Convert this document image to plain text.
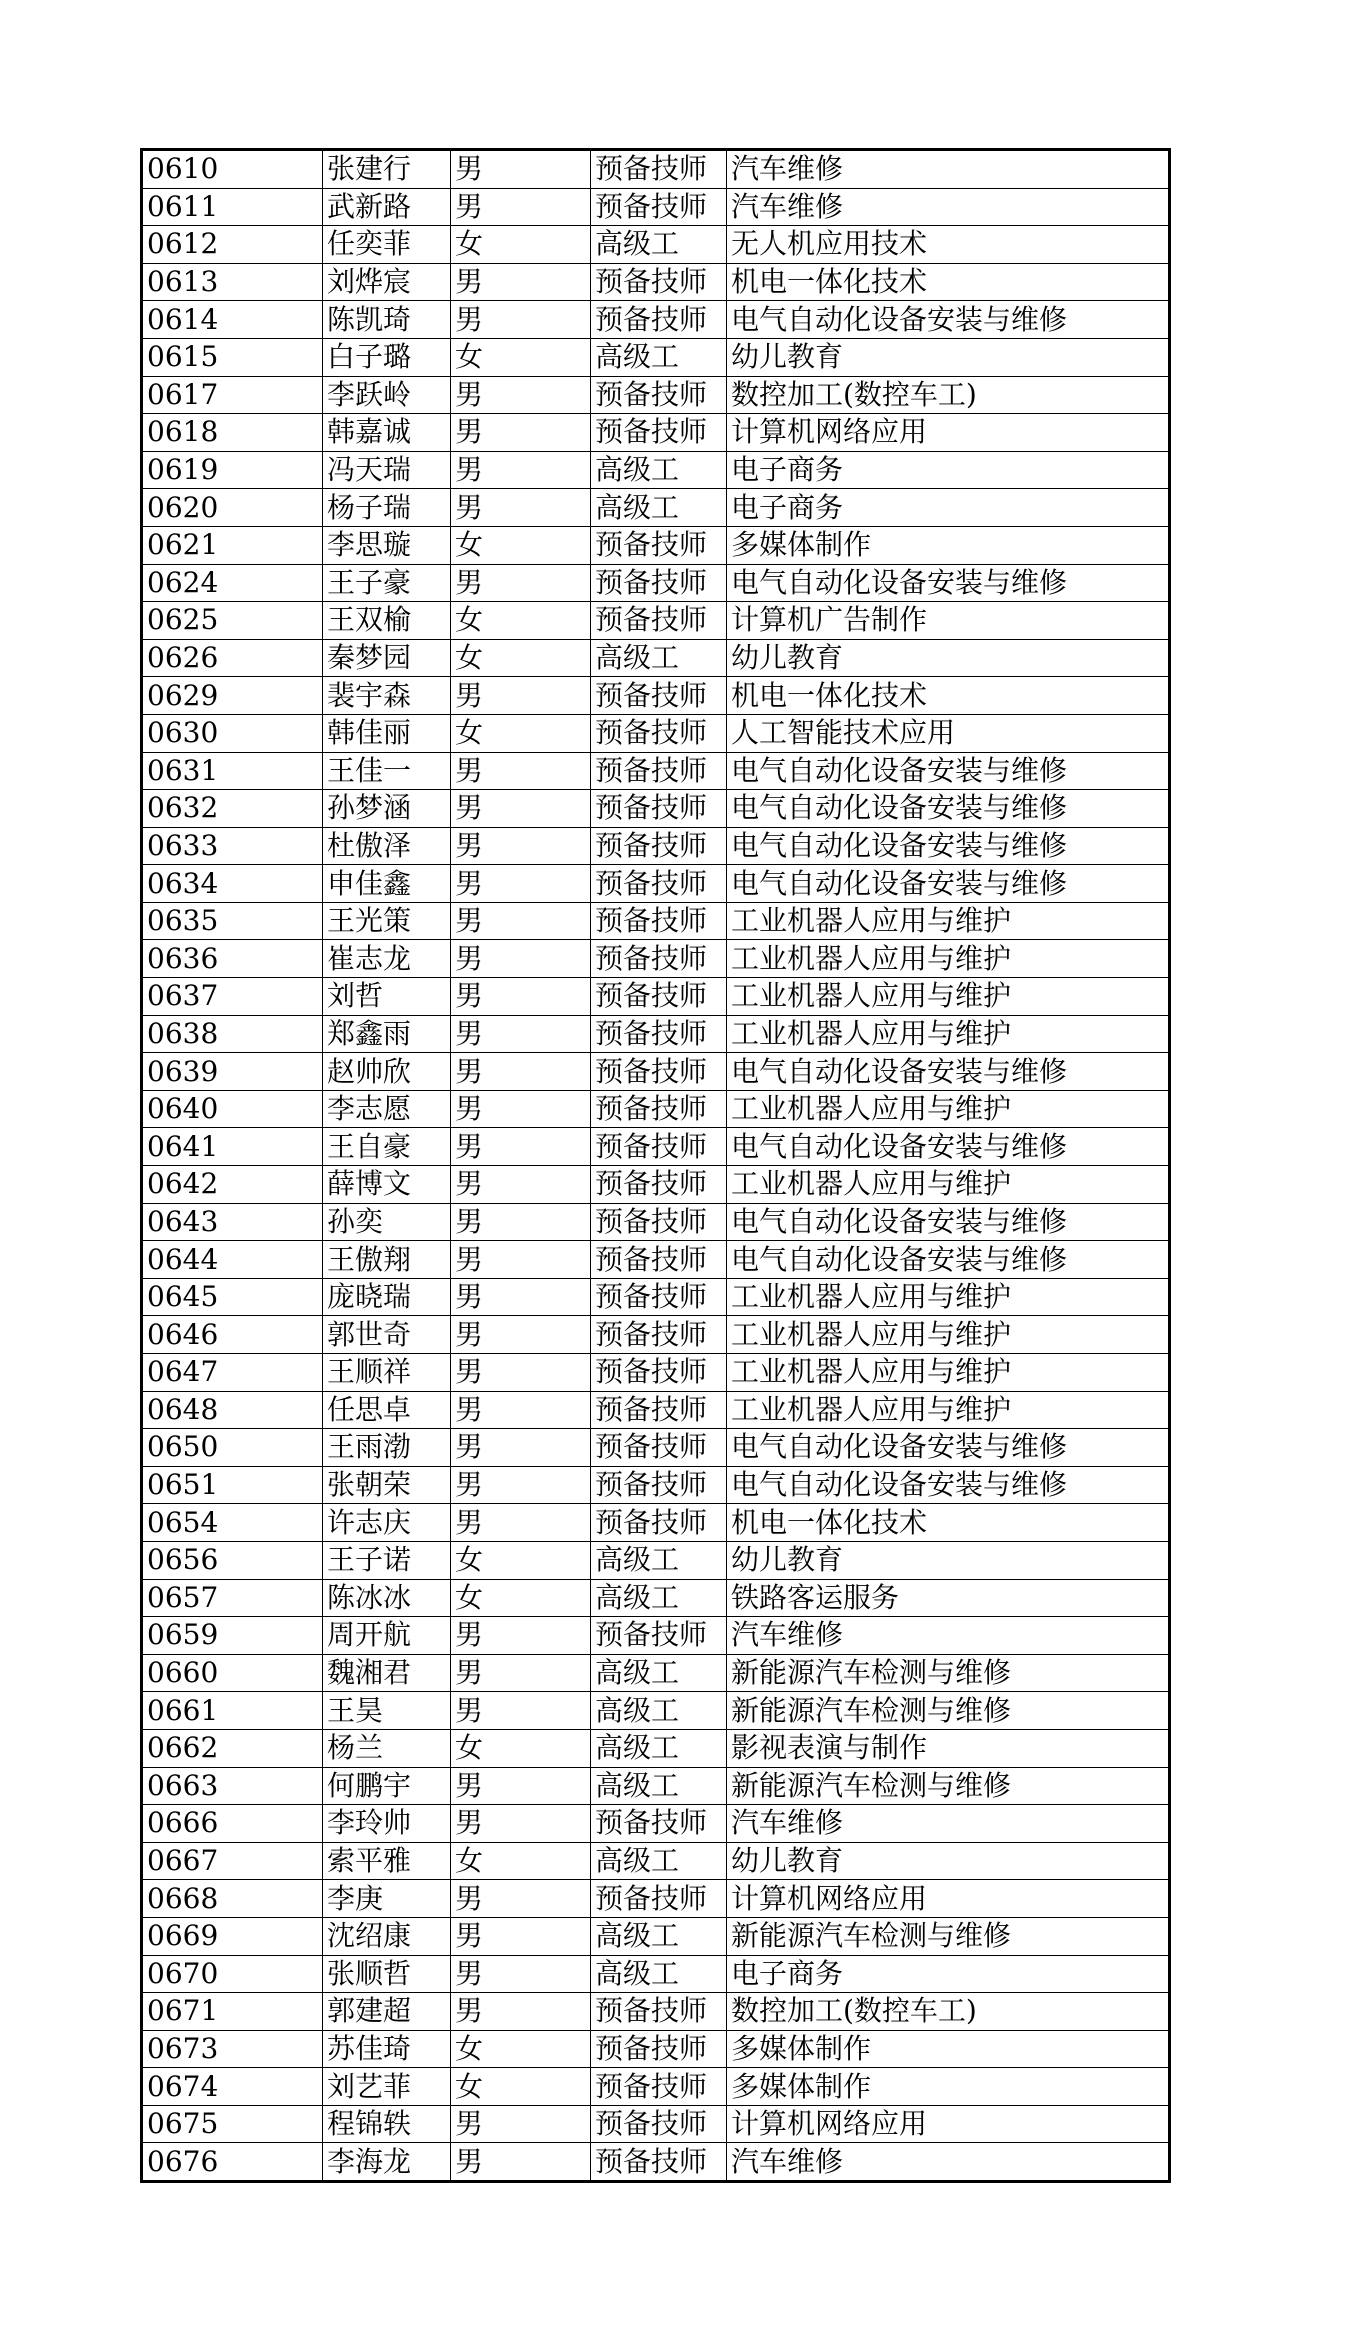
0610	张建行	男	预备技师	汽车维修
0611	武新路	男	预备技师	汽车维修
0612	任奕菲	女	高级工	无人机应用技术
0613	刘烨宸	男	预备技师	机电一体化技术
0614	陈凯琦	男	预备技师	电气自动化设备安装与维修
0615	白子璐	女	高级工	幼儿教育
0617	李跃岭	男	预备技师	数控加工(数控车工)
0618	韩嘉诚	男	预备技师	计算机网络应用
0619	冯天瑞	男	高级工	电子商务
0620	杨子瑞	男	高级工	电子商务
0621	李思璇	女	预备技师	多媒体制作
0624	王子豪	男	预备技师	电气自动化设备安装与维修
0625	王双榆	女	预备技师	计算机广告制作
0626	秦梦园	女	高级工	幼儿教育
0629	裴宇森	男	预备技师	机电一体化技术
0630	韩佳丽	女	预备技师	人工智能技术应用
0631	王佳一	男	预备技师	电气自动化设备安装与维修
0632	孙梦涵	男	预备技师	电气自动化设备安装与维修
0633	杜傲泽	男	预备技师	电气自动化设备安装与维修
0634	申佳鑫	男	预备技师	电气自动化设备安装与维修
0635	王光策	男	预备技师	工业机器人应用与维护
0636	崔志龙	男	预备技师	工业机器人应用与维护
0637	刘哲	男	预备技师	工业机器人应用与维护
0638	郑鑫雨	男	预备技师	工业机器人应用与维护
0639	赵帅欣	男	预备技师	电气自动化设备安装与维修
0640	李志愿	男	预备技师	工业机器人应用与维护
0641	王自豪	男	预备技师	电气自动化设备安装与维修
0642	薛博文	男	预备技师	工业机器人应用与维护
0643	孙奕	男	预备技师	电气自动化设备安装与维修
0644	王傲翔	男	预备技师	电气自动化设备安装与维修
0645	庞晓瑞	男	预备技师	工业机器人应用与维护
0646	郭世奇	男	预备技师	工业机器人应用与维护
0647	王顺祥	男	预备技师	工业机器人应用与维护
0648	任思卓	男	预备技师	工业机器人应用与维护
0650	王雨渤	男	预备技师	电气自动化设备安装与维修
0651	张朝荣	男	预备技师	电气自动化设备安装与维修
0654	许志庆	男	预备技师	机电一体化技术
0656	王子诺	女	高级工	幼儿教育
0657	陈冰冰	女	高级工	铁路客运服务
0659	周开航	男	预备技师	汽车维修
0660	魏湘君	男	高级工	新能源汽车检测与维修
0661	王昊	男	高级工	新能源汽车检测与维修
0662	杨兰	女	高级工	影视表演与制作
0663	何鹏宇	男	高级工	新能源汽车检测与维修
0666	李玲帅	男	预备技师	汽车维修
0667	索平雅	女	高级工	幼儿教育
0668	李庚	男	预备技师	计算机网络应用
0669	沈绍康	男	高级工	新能源汽车检测与维修
0670	张顺哲	男	高级工	电子商务
0671	郭建超	男	预备技师	数控加工(数控车工)
0673	苏佳琦	女	预备技师	多媒体制作
0674	刘艺菲	女	预备技师	多媒体制作
0675	程锦轶	男	预备技师	计算机网络应用
0676	李海龙	男	预备技师	汽车维修
